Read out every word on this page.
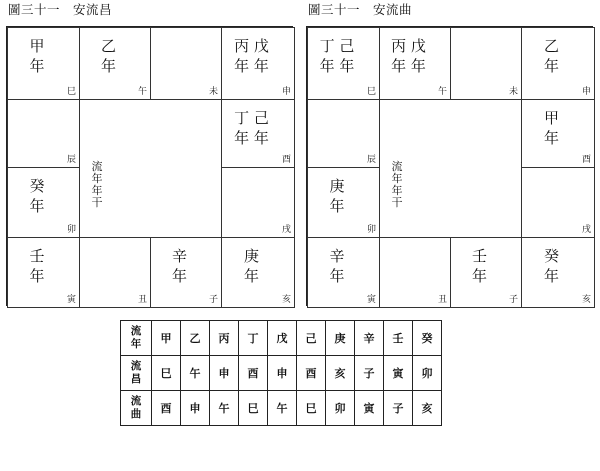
圖三十一　安流昌	圖三十一　安流曲
甲
年
巳
乙
年
午	未
丙 戊
年 年
申
辰
丁 己
年 年
酉
癸
年
卯	戌
壬
年
寅	丑
辛
年
子
庚
年
亥
流年年干
丁 己
年 年
巳
丙 戊
年 年
午	未
乙
年
申
辰
甲
年
酉
庚
年
卯	戌
辛
年
寅	丑
壬
年
子
癸
年
亥
流年年干
流
年	甲	乙	丙	丁	戊	己	庚	辛	壬	癸

流
昌	巳	午	申	酉	申	酉	亥	子	寅	卯

流
曲	酉	申	午	巳	午	巳	卯	寅	子	亥
